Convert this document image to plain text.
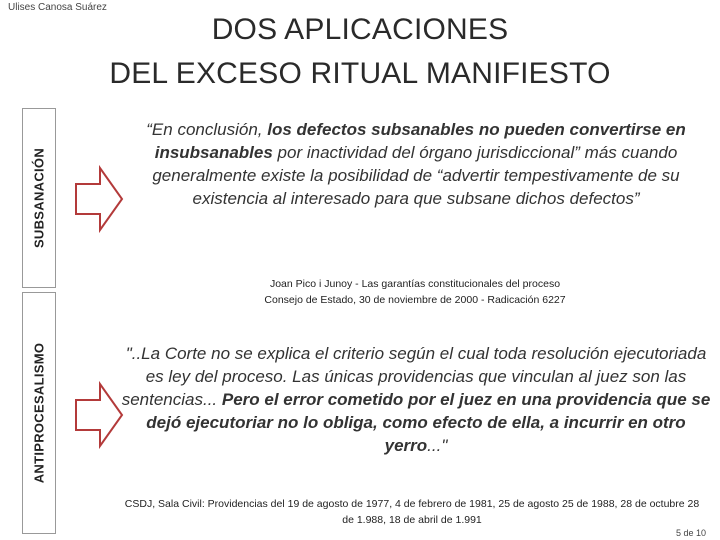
Ulises Canosa Suárez
DOS APLICACIONES
DEL EXCESO RITUAL MANIFIESTO
SUBSANACIÓN
“En conclusión, los defectos subsanables no pueden convertirse en insubsanables por inactividad del órgano jurisdiccional” más cuando generalmente existe la posibilidad de “advertir tempestivamente de su existencia al interesado para que subsane dichos defectos”
Joan Pico i Junoy - Las garantías constitucionales del proceso
Consejo de Estado, 30 de noviembre de 2000 - Radicación 6227
ANTIPROCESALISMO	"..La Corte no se explica el criterio según el cual toda resolución ejecutoriada es ley del proceso. Las únicas providencias que vinculan al juez son las sentencias... Pero el error cometido por el juez en una providencia que se dejó ejecutoriar no lo obliga, como efecto de ella, a incurrir en otro yerro..."
CSDJ, Sala Civil: Providencias del 19 de agosto de 1977, 4 de febrero de 1981, 25 de agosto 25 de 1988, 28 de octubre 28 de 1.988, 18 de abril de 1.991
5 de 10
